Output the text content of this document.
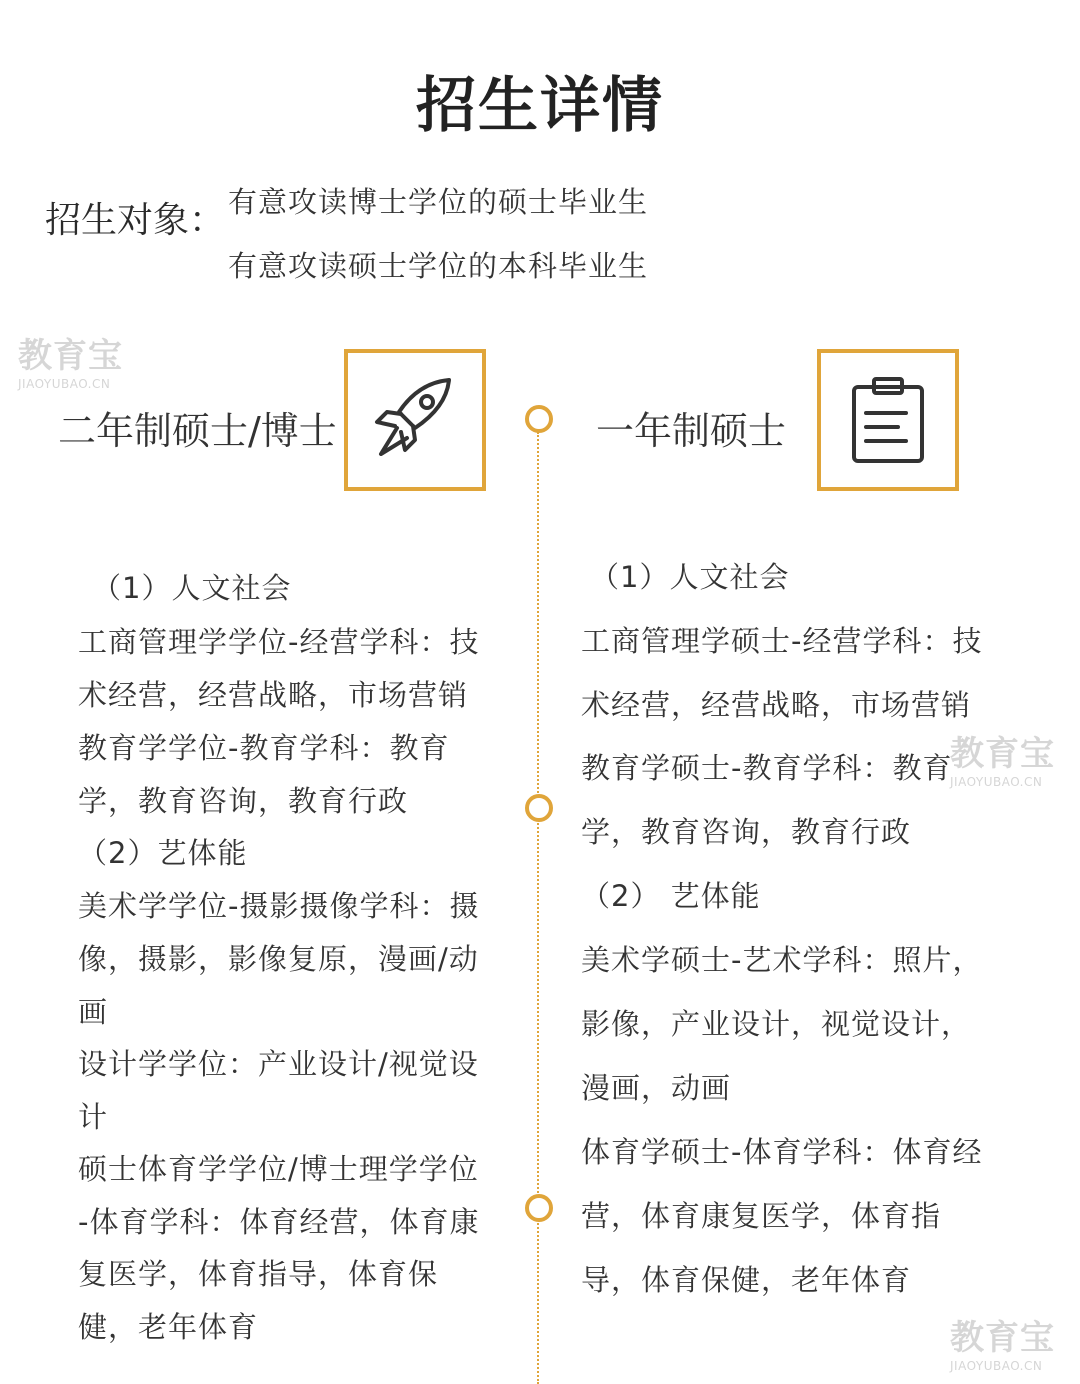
招生详情
招生对象： 有意攻读博士学位的硕士毕业生
有意攻读硕士学位的本科毕业生
教育宝
JIAOYUBAO.CN
教育宝
JIAOYUBAO.CN
教育宝
JIAOYUBAO.CN
二年制硕士/博士	一年制硕士
（1）人文社会
工商管理学学位-经营学科：技
术经营，经营战略，市场营销
教育学学位-教育学科：教育
学，教育咨询，教育行政
（2）艺体能
美术学学位-摄影摄像学科：摄
像，摄影，影像复原，漫画/动
画
设计学学位：产业设计/视觉设
计
硕士体育学学位/博士理学学位
-体育学科：体育经营，体育康
复医学，体育指导，体育保
健，老年体育
（1）人文社会
工商管理学硕士-经营学科：技
术经营，经营战略，市场营销
教育学硕士-教育学科：教育
学，教育咨询，教育行政
（2） 艺体能
美术学硕士-艺术学科：照片，
影像，产业设计，视觉设计，
漫画，动画
体育学硕士-体育学科：体育经
营，体育康复医学，体育指
导，体育保健，老年体育
